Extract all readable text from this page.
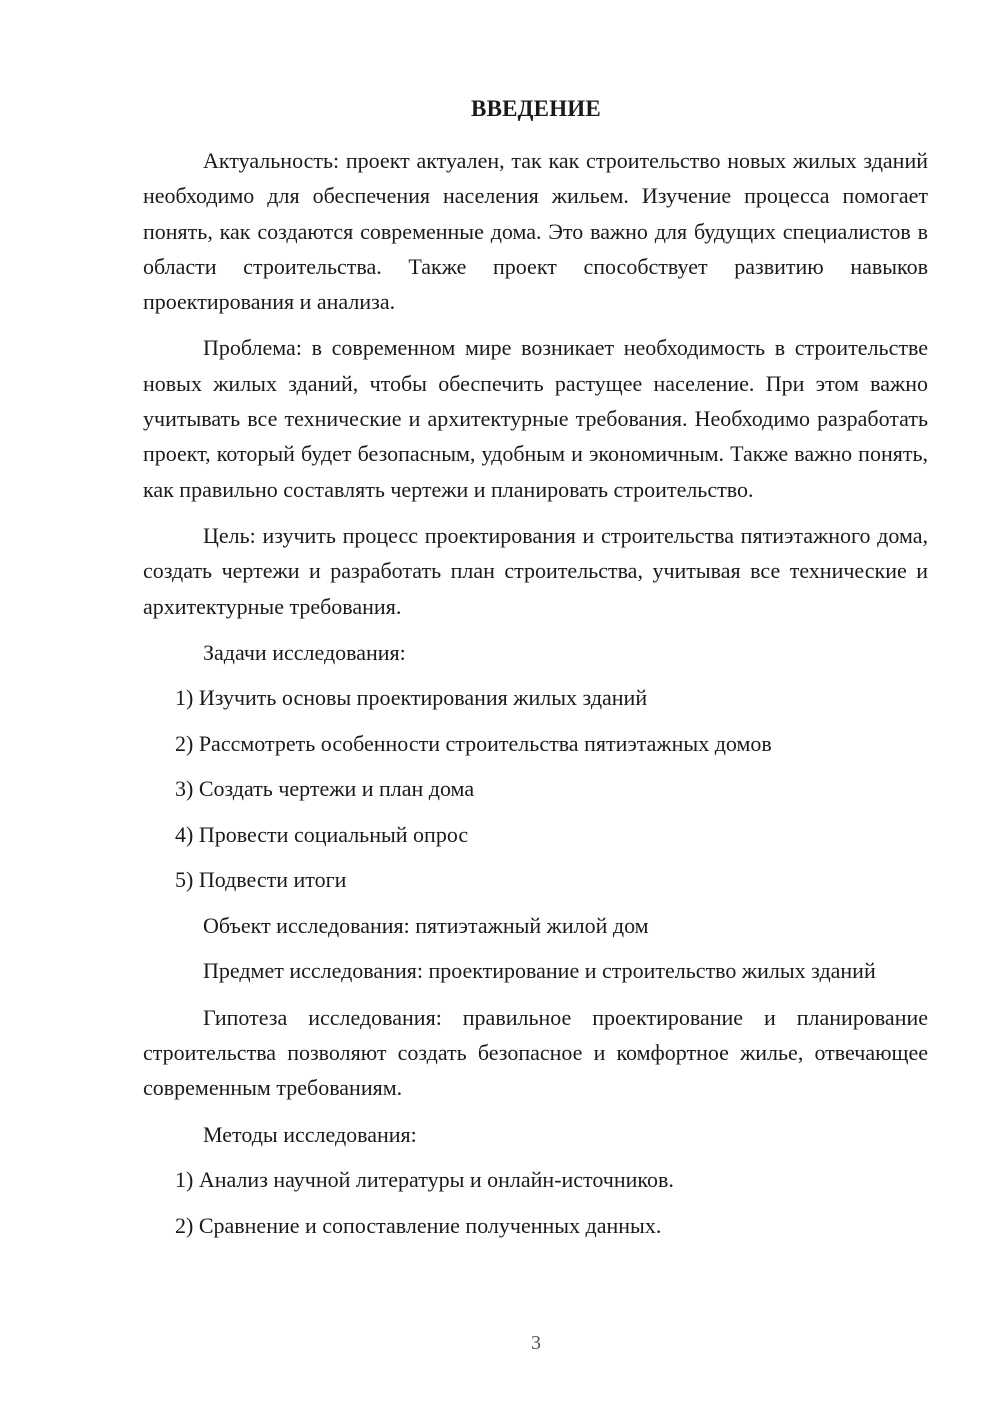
ВВЕДЕНИЕ

Актуальность: проект актуален, так как строительство новых жилых зданий необходимо для обеспечения населения жильем. Изучение процесса помогает понять, как создаются современные дома. Это важно для будущих специалистов в области строительства. Также проект способствует развитию навыков проектирования и анализа.

Проблема: в современном мире возникает необходимость в строительстве новых жилых зданий, чтобы обеспечить растущее население. При этом важно учитывать все технические и архитектурные требования. Необходимо разработать проект, который будет безопасным, удобным и экономичным. Также важно понять, как правильно составлять чертежи и планировать строительство.

Цель: изучить процесс проектирования и строительства пятиэтажного дома, создать чертежи и разработать план строительства, учитывая все технические и архитектурные требования.

Задачи исследования:
1) Изучить основы проектирования жилых зданий
2) Рассмотреть особенности строительства пятиэтажных домов
3) Создать чертежи и план дома
4) Провести социальный опрос
5) Подвести итоги
Объект исследования: пятиэтажный жилой дом

Предмет исследования: проектирование и строительство жилых зданий

Гипотеза исследования: правильное проектирование и планирование строительства позволяют создать безопасное и комфортное жилье, отвечающее современным требованиям.

Методы исследования:
1) Анализ научной литературы и онлайн-источников.
2) Сравнение и сопоставление полученных данных.
3
